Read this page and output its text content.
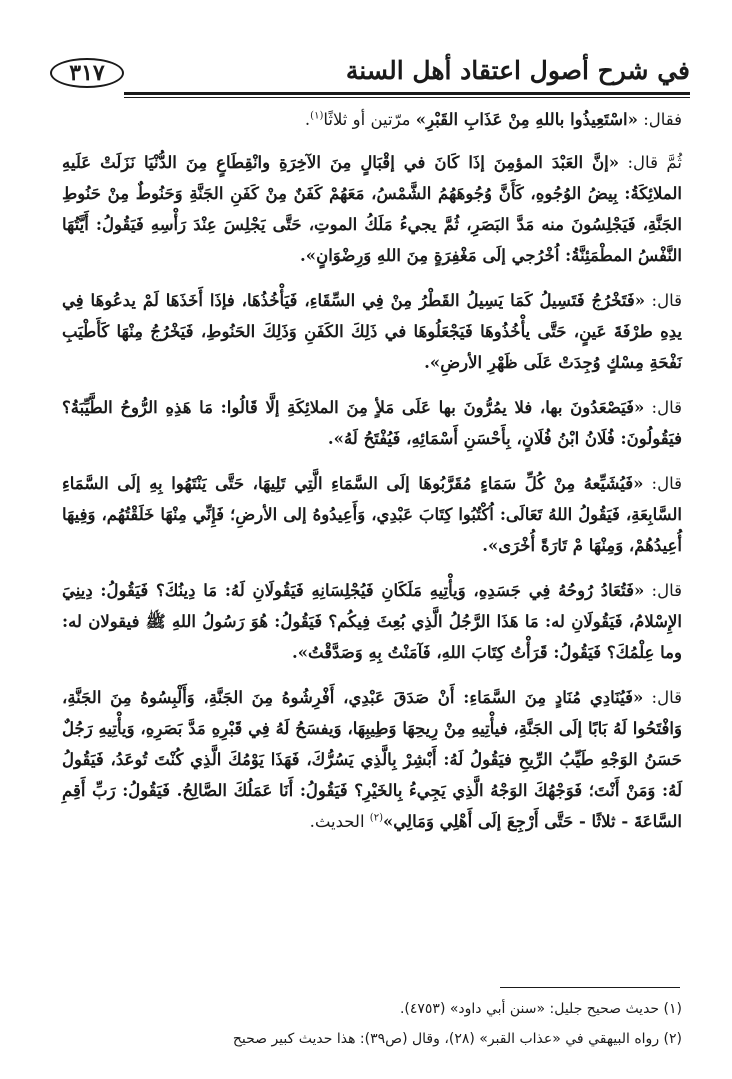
في شرح أصول اعتقاد أهل السنة
٣١٧

فقال: «اسْتَعِيذُوا باللهِ مِنْ عَذَابِ القَبْرِ» مرّتين أو ثلاثًا$^{(١)}$.

ثُمَّ قال: «إنَّ العَبْدَ المؤمِنَ إذَا كَانَ في إقْبَالٍ مِنَ الآخِرَةِ وانْقِطَاعٍ مِنَ الدُّنْيَا نَزَلَتْ عَلَيهِ الملائِكَةُ: بِيضُ الوُجُوهِ، كَأَنَّ وُجُوهَهُمُ الشَّمْسُ، مَعَهُمْ كَفَنٌ مِنْ كَفَنِ الجَنَّةِ وَحَنُوطٌ مِنْ حَنُوطِ الجَنَّةِ، فَيَجْلِسُونَ منه مَدَّ البَصَرِ، ثُمَّ يجيءُ مَلَكُ الموتِ، حَتَّى يَجْلِسَ عِنْدَ رَأْسِهِ فَيَقُولُ: أَيَّتُهَا النَّفْسُ المطْمَئِنَّةُ: اُخْرُجي إلَى مَغْفِرَةٍ مِنَ اللهِ وَرِضْوَانٍ».

قال: «فَتَخْرُجُ فَتَسِيلُ كَمَا يَسِيلُ القَطْرُ مِنْ فِي السِّقَاءِ، فَيَأْخُذُهَا، فإذَا أَخَذَهَا لَمْ يدعُوهَا فِي يدِهِ طرْفَةَ عَينٍ، حَتَّى يأْخُذُوهَا فَيَجْعَلُوهَا في ذَلِكَ الكَفَنِ وَذَلِكَ الحَنُوطِ، فَيَخْرُجُ مِنْهَا كَأَطْيَبِ نَفْحَةِ مِسْكٍ وُجِدَتْ عَلَى ظَهْرِ الأرضِ».

قال: «فَيَصْعَدُونَ بها، فلا يمُرُّونَ بها عَلَى مَلأٍ مِنَ الملائِكَةِ إلَّا قَالُوا: مَا هَذِهِ الرُّوحُ الطَّيِّبَةُ؟ فيَقُولُونَ: فُلَانُ ابْنُ فُلَانٍ، بِأَحْسَنِ أَسْمَائِهِ، فَيُفْتَحُ لَهُ».

قال: «فَيُشَيِّعهُ مِنْ كُلِّ سَمَاءٍ مُقَرَّبُوهَا إلَى السَّمَاءِ الَّتِي تَلِيهَا، حَتَّى يَنْتَهُوا بِهِ إلَى السَّمَاءِ السَّابِعَةِ، فَيَقُولُ اللهُ تَعَالَى: اُكْتُبُوا كِتَابَ عَبْدِي، وَأَعِيدُوهُ إلى الأرضِ؛ فَإِنِّي مِنْهَا خَلَقْتُهُم، وَفِيهَا أُعِيدُهُمْ، وَمِنْهَا مْ تَارَةً أُخْرَى».

قال: «فَتُعَادُ رُوحُهُ فِي جَسَدِهِ، وَيأْتِيهِ مَلَكَانِ فَيُجْلِسَانِهِ فَيَقُولَانِ لَهُ: مَا دِينُكَ؟ فَيَقُولُ: دِينِيَ الإِسْلامُ، فَيَقُولَانِ له: مَا هَذَا الرَّجُلُ الَّذِي بُعِثَ فِيكُم؟ فَيَقُولُ: هُوَ رَسُولُ اللهِ ﷺ فيقولان له: وما عِلْمُكَ؟ فَيَقُولُ: قَرَأْتُ كِتَابَ اللهِ، فَآمَنْتُ بِهِ وَصَدَّقْتُ».

قال: «فَيُنَادِي مُنَادٍ مِنَ السَّمَاءِ: أَنْ صَدَقَ عَبْدِي، أَفْرِشُوهُ مِنَ الجَنَّةِ، وَأَلْبِسُوهُ مِنَ الجَنَّةِ، وَافْتَحُوا لَهُ بَابًا إلَى الجَنَّةِ، فيأْتِيهِ مِنْ رِيحِهَا وَطِيبِهَا، وَيفسَحُ لَهُ فِي قَبْرِهِ مَدَّ بَصَرِهِ، وَيأْتِيهِ رَجُلٌ حَسَنُ الوَجْهِ طَيِّبُ الرِّيحِ فيَقُولُ لَهُ: أَبْشِرْ بِالَّذِي يَسُرُّكَ، فَهَذَا يَوْمُكَ الَّذِي كُنْتَ تُوعَدُ، فَيَقُولُ لَهُ: وَمَنْ أَنْتَ؛ فَوَجْهُكَ الوَجْهُ الَّذِي يَجِيءُ بِالخَيْرِ؟ فَيَقُولُ: أَنَا عَمَلُكَ الصَّالِحُ. فَيَقُولُ: رَبِّ أَقِمِ السَّاعَةَ - ثلاثًا - حَتَّى أَرْجِعَ إلَى أَهْلِي وَمَالِي»$^{(٢)}$ الحديث.

(١) حديث صحيح جليل: «سنن أبي داود» (٤٧٥٣).

(٢) رواه البيهقي في «عذاب القبر» (٢٨)، وقال (ص٣٩): هذا حديث كبير صحيح
